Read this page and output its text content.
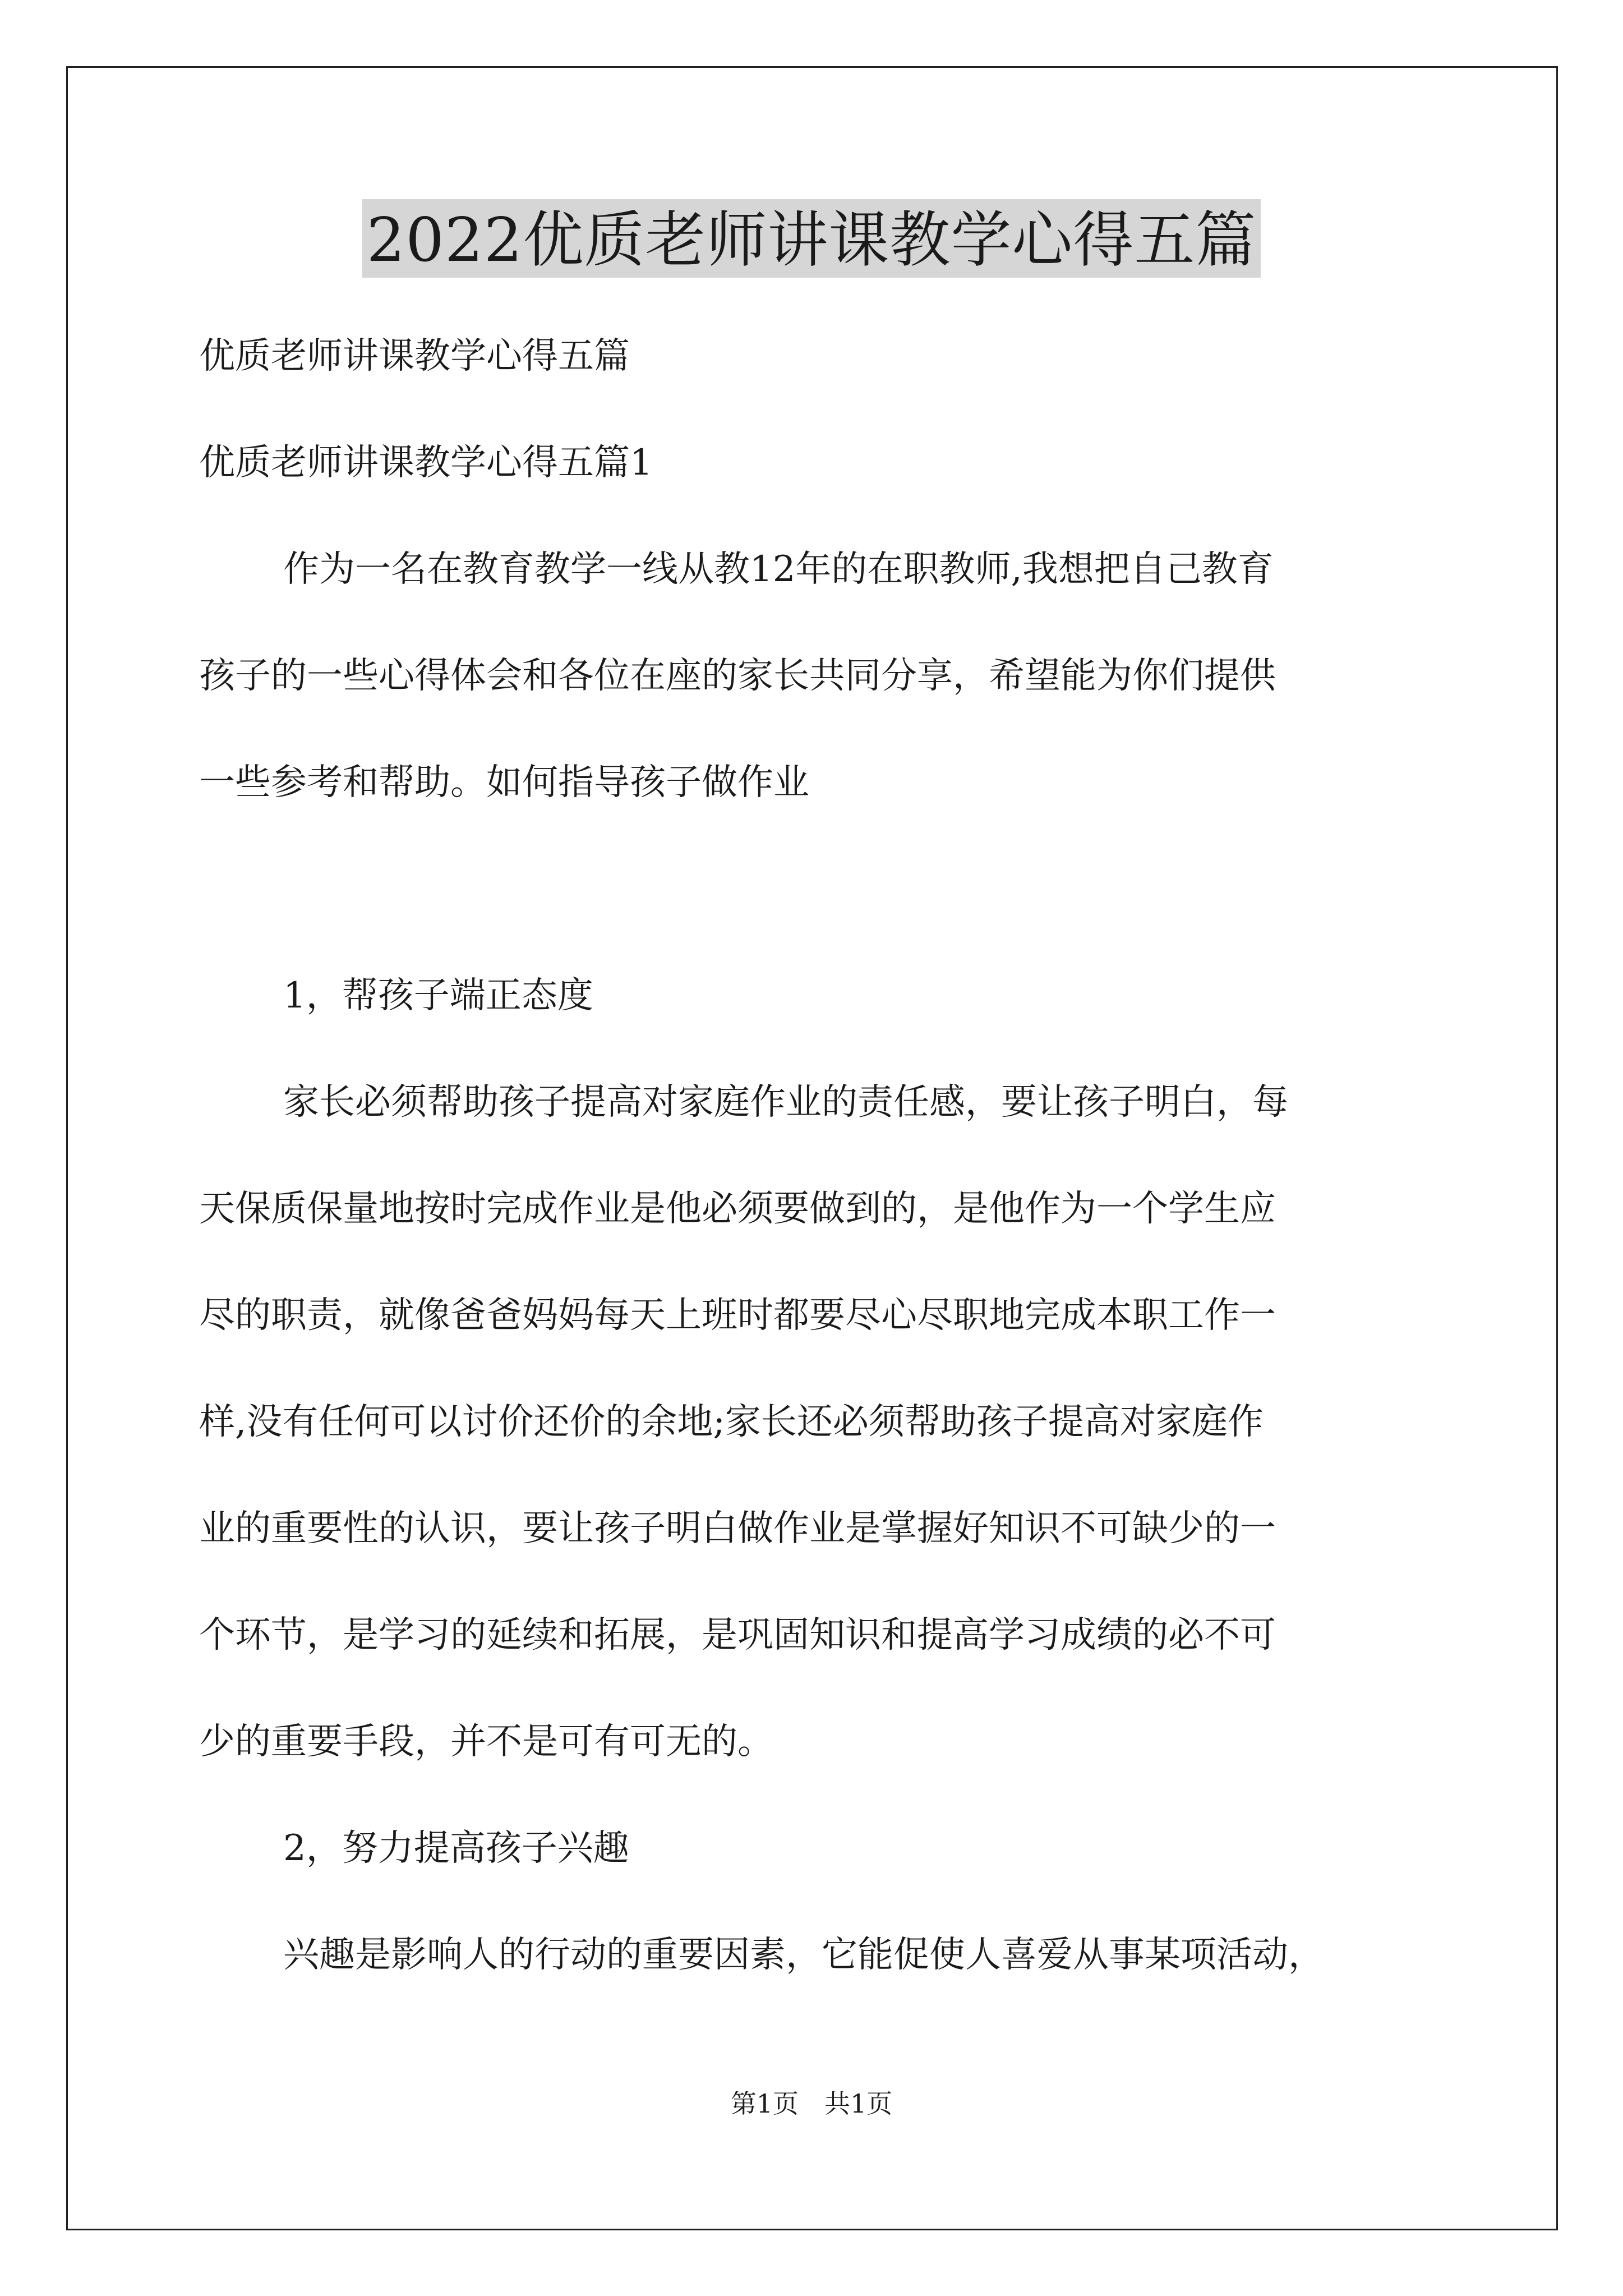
2022优质老师讲课教学心得五篇

优质老师讲课教学心得五篇

优质老师讲课教学心得五篇1

作为一名在教育教学一线从教12年的在职教师,我想把自己教育

孩子的一些心得体会和各位在座的家长共同分享，希望能为你们提供

一些参考和帮助。如何指导孩子做作业

1，帮孩子端正态度

家长必须帮助孩子提高对家庭作业的责任感，要让孩子明白，每

天保质保量地按时完成作业是他必须要做到的，是他作为一个学生应

尽的职责，就像爸爸妈妈每天上班时都要尽心尽职地完成本职工作一

样,没有任何可以讨价还价的余地;家长还必须帮助孩子提高对家庭作

业的重要性的认识，要让孩子明白做作业是掌握好知识不可缺少的一

个环节，是学习的延续和拓展，是巩固知识和提高学习成绩的必不可

少的重要手段，并不是可有可无的。

2，努力提高孩子兴趣

兴趣是影响人的行动的重要因素，它能促使人喜爱从事某项活动，

第1页　共1页
